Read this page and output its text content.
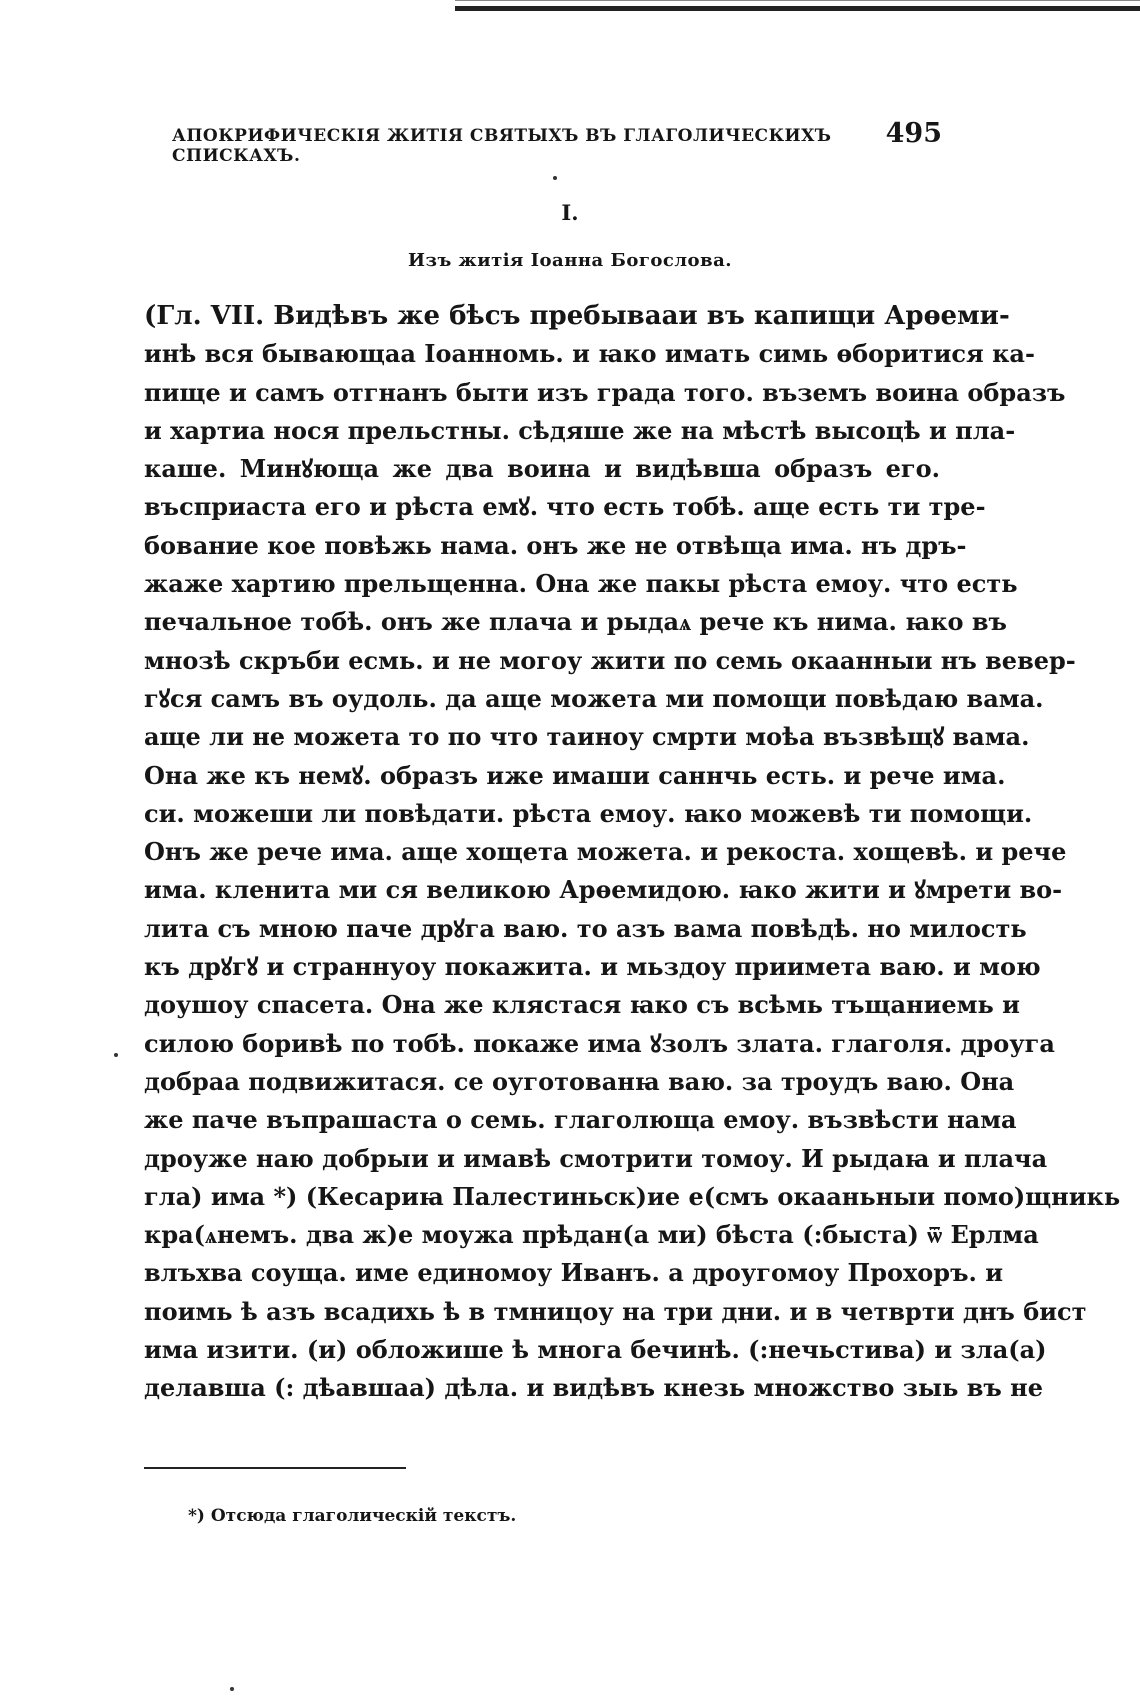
АПОКРИФИЧЕСКІЯ ЖИТІЯ СВЯТЫХЪ ВЪ ГЛАГОЛИЧЕСКИХЪ СПИСКАХЪ.
495
I.
Изъ житія Іоанна Богослова.
(Гл. VII. Видѣвъ же бѣсъ пребывааи въ капищи Арѳеми-
инѣ вся бывающаа Іоанномь. и ꙗко имать симь ѳборитися ка-
пище и самъ отгнанъ быти изъ града того. въземъ воина образъ
и хартиа нося прельстны. сѣдяше же на мѣстѣ высоцѣ и пла-
каше. Минꙋюща же два воина и видѣвша образъ его.
въсприаста его и рѣста емꙋ. что есть тобѣ. аще есть ти тре-
бование кое повѣжь нама. онъ же не отвѣща има. нъ дръ-
жаже хартию прельщенна. Она же пакы рѣста емоу. что есть
печальное тобѣ. онъ же плача и рыдаѧ рече къ нима. ꙗко въ
мнозѣ скръби есмь. и не могоу жити по семь окаанныи нъ вевер-
гꙋся самъ въ оудоль. да аще можета ми помощи повѣдаю вама.
аще ли не можета то по что таиноу смрти моѣа възвѣщꙋ вама.
Она же къ немꙋ. образъ иже имаши саннчь есть. и рече има.
си. можеши ли повѣдати. рѣста емоу. ꙗко можевѣ ти помощи.
Онъ же рече има. аще хощета можета. и рекоста. хощевѣ. и рече
има. кленита ми ся великою Арѳемидою. ꙗко жити и ꙋмрети во-
лита съ мною паче дрꙋга ваю. то азъ вама повѣдѣ. но милость
къ дрꙋгꙋ и страннуоу покажита. и мьздоу приимета ваю. и мою
доушоу спасета. Она же клястася ꙗко съ всѣмь тъщаниемь и
силою боривѣ по тобѣ. покаже има ꙋзолъ злата. глаголя. дроуга
добраа подвижитася. се оуготованꙗ ваю. за троудъ ваю. Она
же паче въпрашаста о семь. глаголюща емоу. възвѣсти нама
дроуже наю добрыи и имавѣ смотрити томоу. И рыдаꙗ и плача
гла) има *) (Кесариꙗ Палестиньск)ие е(смъ окааньныи помо)щникь
кра(ѧнемъ. два ж)е моужа прѣдан(а ми) бѣста (:быста) ѿ Ерлма
влъхва соуща. име единомоу Иванъ. а дроугомоу Прохоръ. и
поимь ѣ азъ всадихь ѣ в тмницоу на три дни. и в четврти днъ бист
има изити. (и) обложише ѣ многа бечинѣ. (:нечьстива) и зла(а)
делавша (: дѣавшаа) дѣла. и видѣвъ кнезь множство зыь въ не
*) Отсюда глаголическій текстъ.
